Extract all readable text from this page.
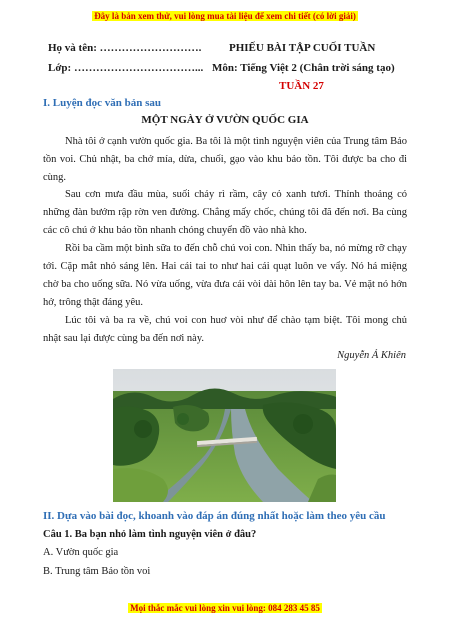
Đây là bản xem thử, vui lòng mua tài liệu để xem chi tiết (có lời giải)
Họ và tên: ……………………….	PHIẾU BÀI TẬP CUỐI TUẦN
Lớp: ……………………………... Môn: Tiếng Việt 2 (Chân trời sáng tạo)
TUẦN 27
I. Luyện đọc văn bản sau
MỘT NGÀY Ở VƯỜN QUỐC GIA
Nhà tôi ở cạnh vườn quốc gia. Ba tôi là một tình nguyện viên của Trung tâm Bảo tồn voi. Chủ nhật, ba chở mía, dừa, chuối, gạo vào khu bảo tồn. Tôi được ba cho đi cùng.
Sau cơn mưa đầu mùa, suối chảy rì rầm, cây cỏ xanh tươi. Thỉnh thoảng có những đàn bướm rập rờn ven đường. Chẳng mấy chốc, chúng tôi đã đến nơi. Ba cùng các cô chú ở khu bảo tồn nhanh chóng chuyển đồ vào nhà kho.
Rồi ba cầm một bình sữa to đến chỗ chú voi con. Nhìn thấy ba, nó mừng rỡ chạy tới. Cặp mắt nhỏ sáng lên. Hai cái tai to như hai cái quạt luôn ve vẩy. Nó há miệng chờ ba cho uống sữa. Nó vừa uống, vừa đưa cái vòi dài hôn lên tay ba. Vẻ mặt nó hớn hở, trông thật đáng yêu.
Lúc tôi và ba ra về, chú voi con huơ vòi như để chào tạm biệt. Tôi mong chủ nhật sau lại được cùng ba đến nơi này.
Nguyễn Ả Khiên
II. Dựa vào bài đọc, khoanh vào đáp án đúng nhất hoặc làm theo yêu cầu
Câu 1. Ba bạn nhỏ làm tình nguyện viên ở đâu?
A. Vườn quốc gia
B. Trung tâm Bảo tồn voi
Mọi thắc mắc vui lòng xin vui lòng: 084 283 45 85
